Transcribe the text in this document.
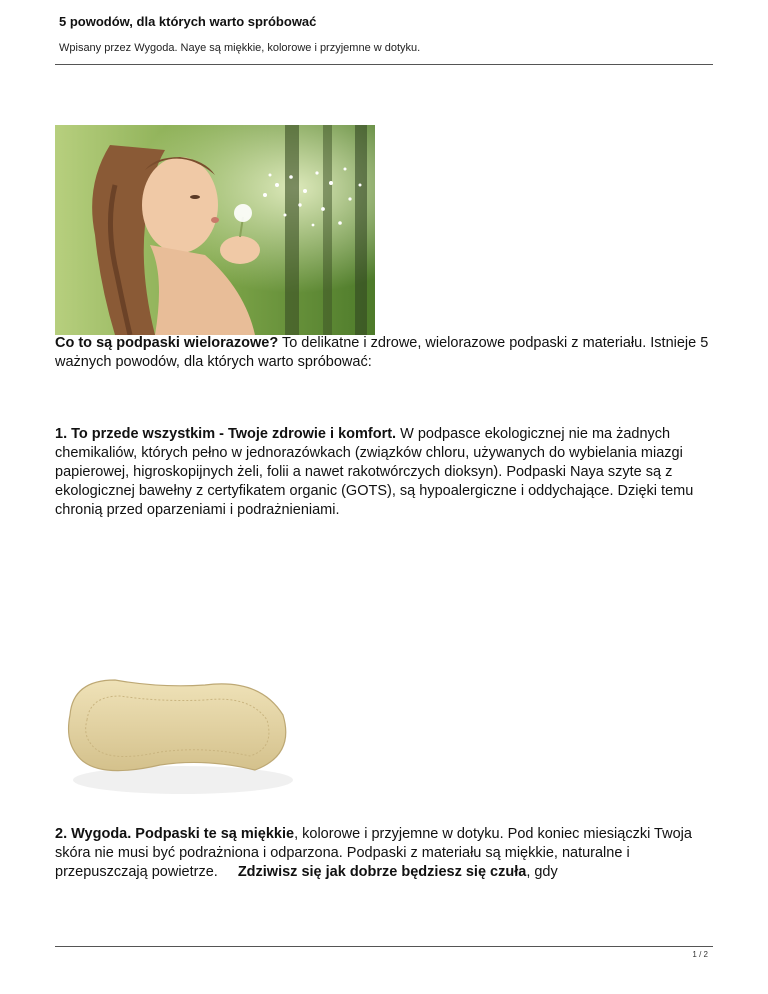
5 powodów, dla których warto spróbować
Wpisany przez Wygoda. Naye są miękkie, kolorowe i przyjemne w dotyku.

Co to są podpaski wielorazowe? To delikatne i zdrowe, wielorazowe podpaski z materiału. Istnieje 5 ważnych powodów, dla których warto spróbować:

1. To przede wszystkim - Twoje zdrowie i komfort. W podpasce ekologicznej nie ma żadnych chemikaliów, których pełno w jednorazówkach (związków chloru, używanych do wybielania miazgi papierowej, higroskopijnych żeli, folii a nawet rakotwórczych dioksyn). Podpaski Naya szyte są z ekologicznej bawełny z certyfikatem organic (GOTS), są hypoalergiczne i oddychające. Dzięki temu chronią przed oparzeniami i podrażnieniami.

2. Wygoda. Podpaski te są miękkie, kolorowe i przyjemne w dotyku. Pod koniec miesiączki Twoja skóra nie musi być podrażniona i odparzona. Podpaski z materiału są miękkie, naturalne i przepuszczają powietrze. Zdziwisz się jak dobrze będziesz się czuła, gdy

1 / 2
